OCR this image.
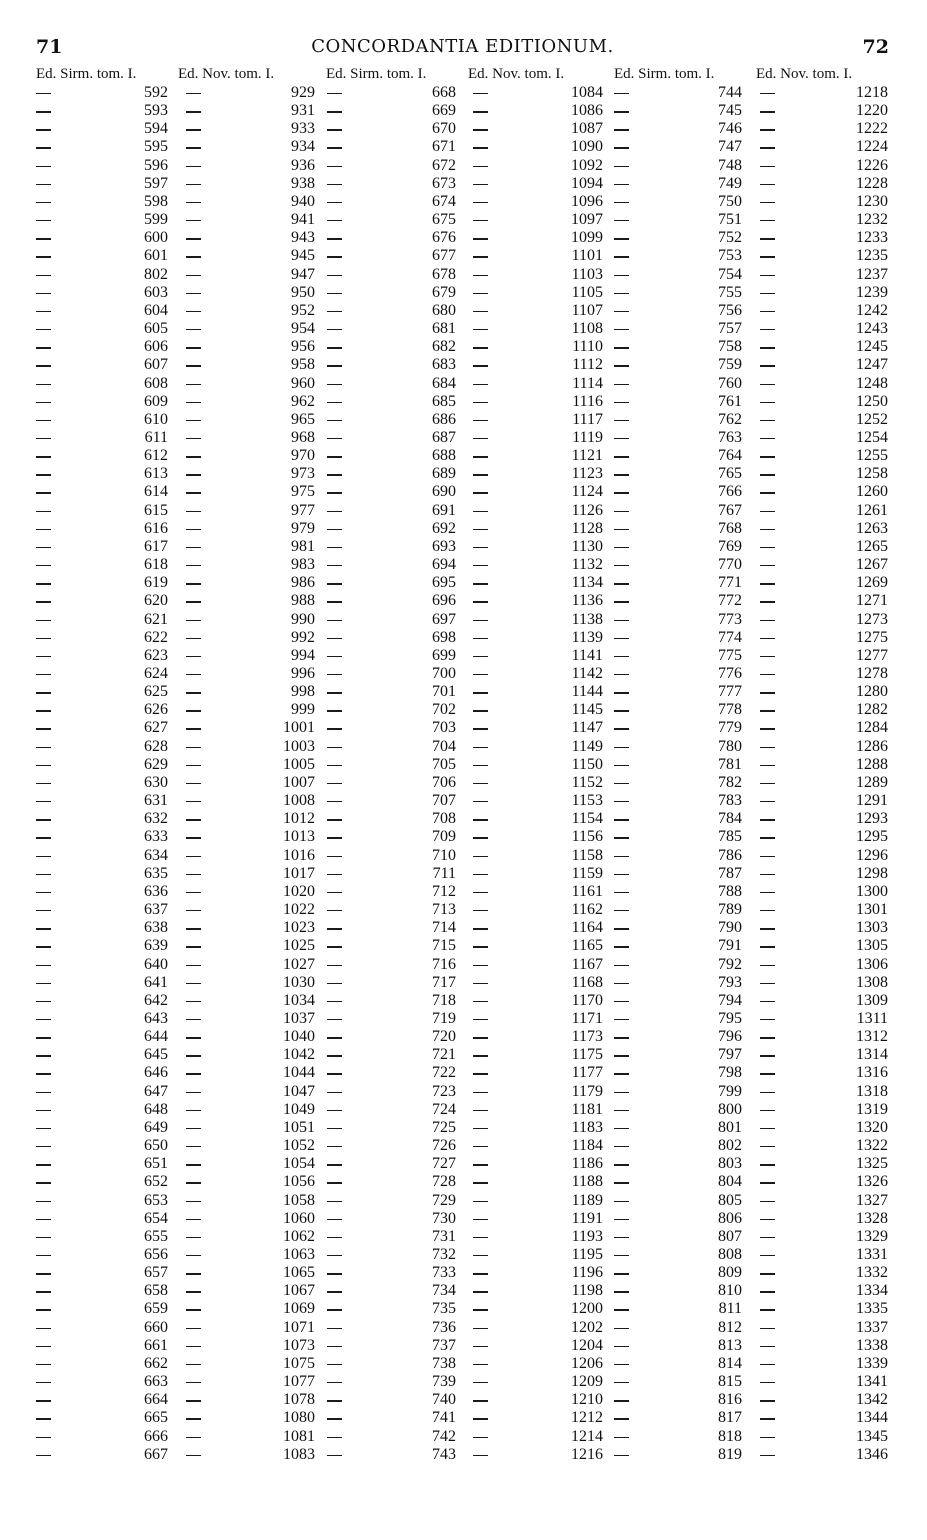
71	CONCORDANTIA EDITIONUM.	72
Ed. Sirm. tom. I.	Ed. Nov. tom. I.	Ed. Sirm. tom. I.	Ed. Nov. tom. I.	Ed. Sirm. tom. I.	Ed. Nov. tom. I.
592	929	668	1084	744	1218
593	931	669	1086	745	1220
594	933	670	1087	746	1222
595	934	671	1090	747	1224
596	936	672	1092	748	1226
597	938	673	1094	749	1228
598	940	674	1096	750	1230
599	941	675	1097	751	1232
600	943	676	1099	752	1233
601	945	677	1101	753	1235
802	947	678	1103	754	1237
603	950	679	1105	755	1239
604	952	680	1107	756	1242
605	954	681	1108	757	1243
606	956	682	1110	758	1245
607	958	683	1112	759	1247
608	960	684	1114	760	1248
609	962	685	1116	761	1250
610	965	686	1117	762	1252
611	968	687	1119	763	1254
612	970	688	1121	764	1255
613	973	689	1123	765	1258
614	975	690	1124	766	1260
615	977	691	1126	767	1261
616	979	692	1128	768	1263
617	981	693	1130	769	1265
618	983	694	1132	770	1267
619	986	695	1134	771	1269
620	988	696	1136	772	1271
621	990	697	1138	773	1273
622	992	698	1139	774	1275
623	994	699	1141	775	1277
624	996	700	1142	776	1278
625	998	701	1144	777	1280
626	999	702	1145	778	1282
627	1001	703	1147	779	1284
628	1003	704	1149	780	1286
629	1005	705	1150	781	1288
630	1007	706	1152	782	1289
631	1008	707	1153	783	1291
632	1012	708	1154	784	1293
633	1013	709	1156	785	1295
634	1016	710	1158	786	1296
635	1017	711	1159	787	1298
636	1020	712	1161	788	1300
637	1022	713	1162	789	1301
638	1023	714	1164	790	1303
639	1025	715	1165	791	1305
640	1027	716	1167	792	1306
641	1030	717	1168	793	1308
642	1034	718	1170	794	1309
643	1037	719	1171	795	1311
644	1040	720	1173	796	1312
645	1042	721	1175	797	1314
646	1044	722	1177	798	1316
647	1047	723	1179	799	1318
648	1049	724	1181	800	1319
649	1051	725	1183	801	1320
650	1052	726	1184	802	1322
651	1054	727	1186	803	1325
652	1056	728	1188	804	1326
653	1058	729	1189	805	1327
654	1060	730	1191	806	1328
655	1062	731	1193	807	1329
656	1063	732	1195	808	1331
657	1065	733	1196	809	1332
658	1067	734	1198	810	1334
659	1069	735	1200	811	1335
660	1071	736	1202	812	1337
661	1073	737	1204	813	1338
662	1075	738	1206	814	1339
663	1077	739	1209	815	1341
664	1078	740	1210	816	1342
665	1080	741	1212	817	1344
666	1081	742	1214	818	1345
667	1083	743	1216	819	1346
